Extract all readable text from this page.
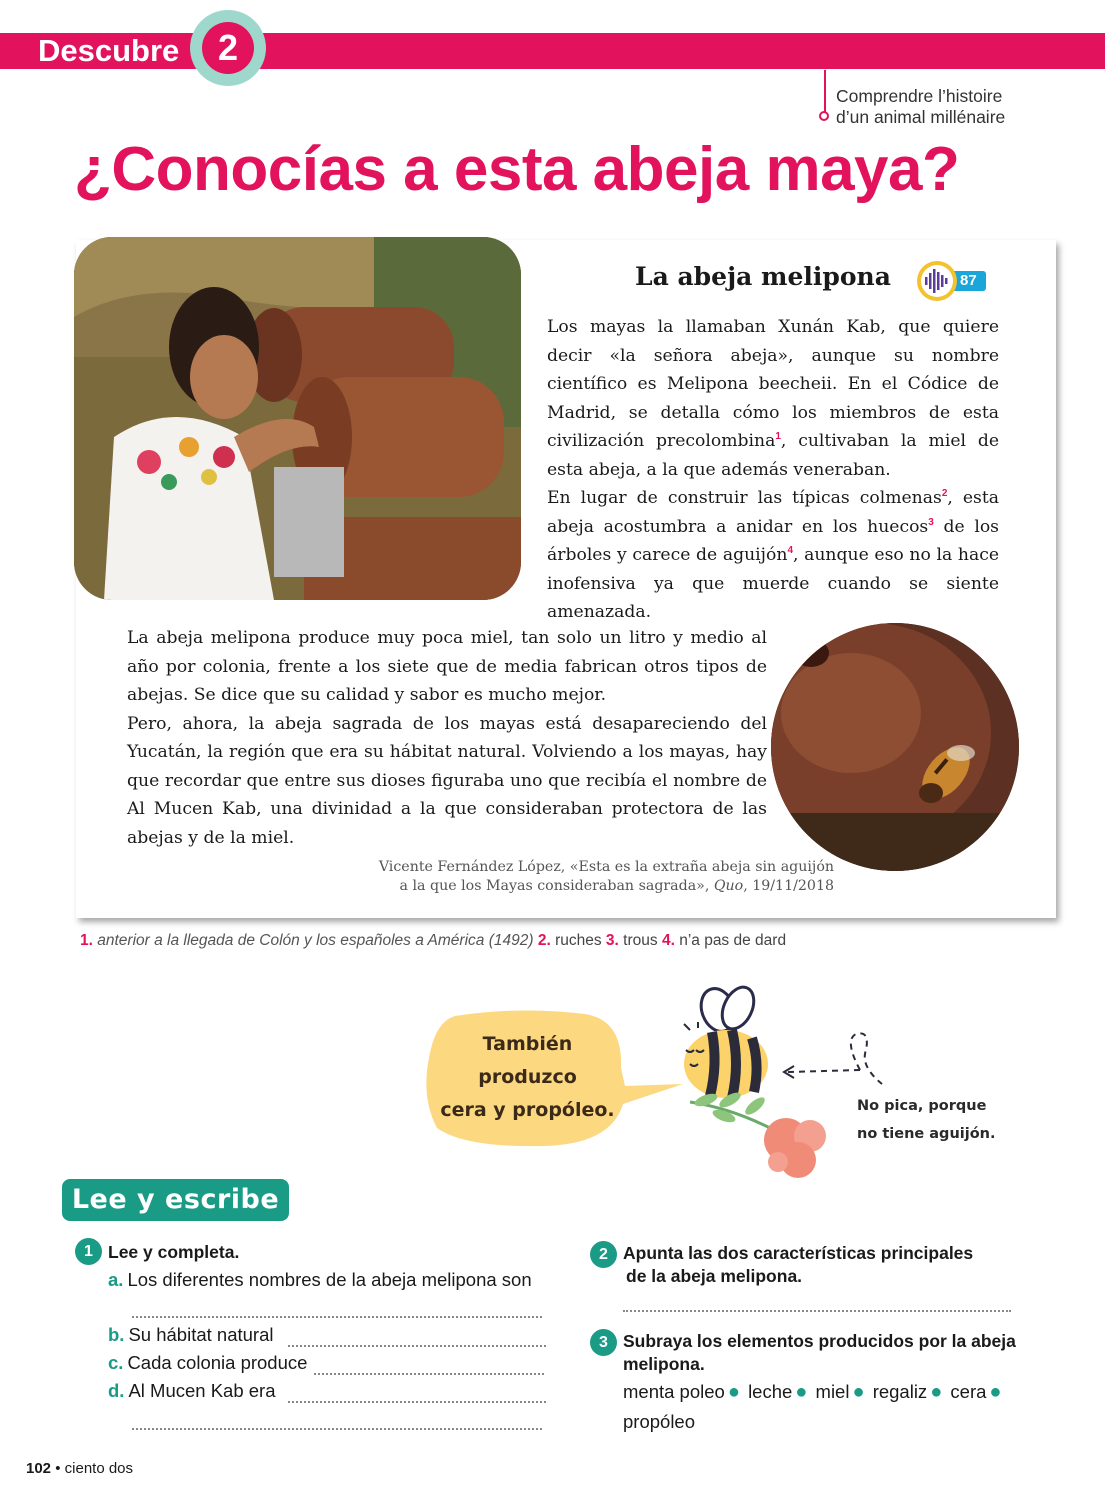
Descubre	2
Comprendre l’histoire
d’un animal millénaire
¿Conocías a esta abeja maya?
La abeja melipona	87

Los mayas la llamaban Xunán Kab, que quiere decir «la señora abeja», aunque su nombre científico es Melipona beecheii. En el Códice de Madrid, se detalla cómo los miembros de esta civilización precolombina$^1$, cultivaban la miel de esta abeja, a la que además veneraban.

En lugar de construir las típicas colmenas$^2$, esta abeja acostumbra a anidar en los huecos$^3$ de los árboles y carece de aguijón$^4$, aunque eso no la hace inofensiva ya que muerde cuando se siente amenazada.

La abeja melipona produce muy poca miel, tan solo un litro y medio al año por colonia, frente a los siete que de media fabrican otros tipos de abejas. Se dice que su calidad y sabor es mucho mejor.

Pero, ahora, la abeja sagrada de los mayas está desapareciendo del Yucatán, la región que era su hábitat natural. Volviendo a los mayas, hay que recordar que entre sus dioses figuraba uno que recibía el nombre de Al Mucen Kab, una divinidad a la que consideraban protectora de las abejas y de la miel.

Vicente Fernández López, «Esta es la extraña abeja sin aguijón
a la que los Mayas consideraban sagrada», Quo, 19/11/2018
1. anterior a la llegada de Colón y los españoles a América (1492) 2. ruches 3. trous 4. n’a pas de dard
También
produzco
cera y propóleo.	No pica, porque
no tiene aguijón.
Lee y escribe
1 Lee y completa.
a. Los diferentes nombres de la abeja melipona son
b. Su hábitat natural
c. Cada colonia produce
d. Al Mucen Kab era
2 Apunta las dos características principales
de la abeja melipona.
3 Subraya los elementos producidos por la abeja
melipona.
menta poleo ● leche ● miel ● regaliz ● cera ● propóleo
102 • ciento dos
